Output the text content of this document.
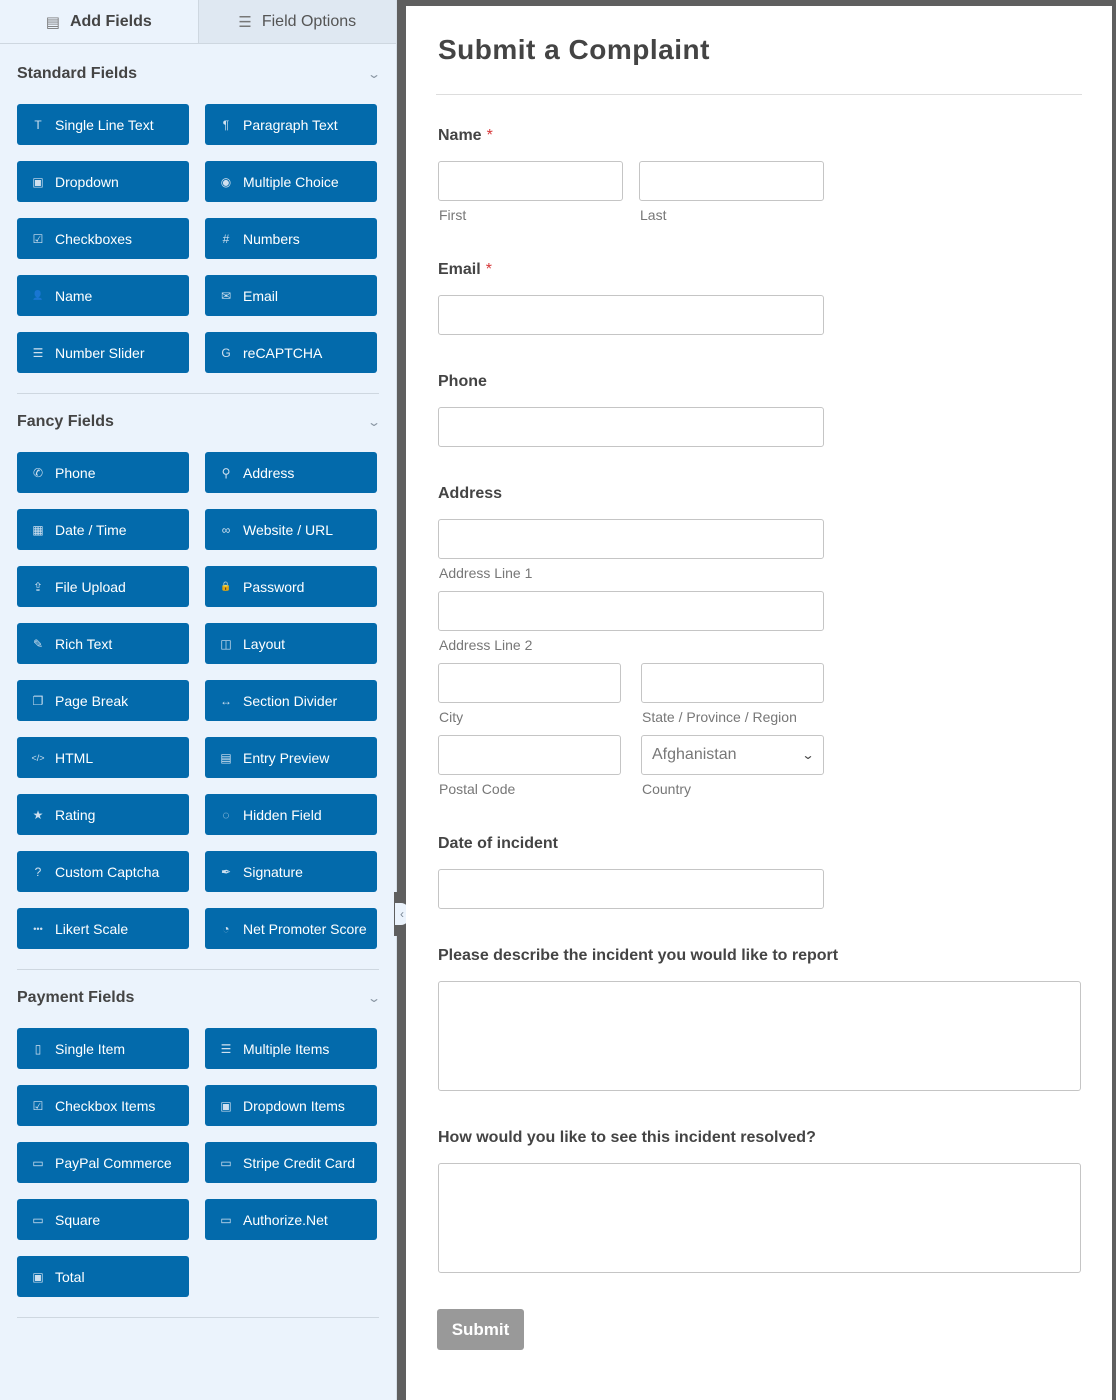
▤ Add Fields	☰ Field Options
Standard Fields	⌄
T Single Line Text	¶ Paragraph Text
▣ Dropdown	◉ Multiple Choice
☑ Checkboxes	# Numbers
👤 Name	✉ Email
☰ Number Slider	G reCAPTCHA
Fancy Fields	⌄
✆ Phone	⚲ Address
▦ Date / Time	∞ Website / URL
⇪ File Upload	🔒 Password
✎ Rich Text	◫ Layout
❐ Page Break	↔ Section Divider
</> HTML	▤ Entry Preview
★ Rating	◌ Hidden Field
? Custom Captcha	✒ Signature
••• Likert Scale	◔ Net Promoter Score
Payment Fields	⌄
▯ Single Item	☰ Multiple Items
☑ Checkbox Items	▣ Dropdown Items
▭ PayPal Commerce	▭ Stripe Credit Card
▭ Square	▭ Authorize.Net
▣ Total
‹
Submit a Complaint
Name *
First	Last
Email *
Phone
Address
Address Line 1
Address Line 2
City	State / Province / Region
Afghanistan	⌄
Postal Code	Country
Date of incident
Please describe the incident you would like to report
How would you like to see this incident resolved?
Submit
